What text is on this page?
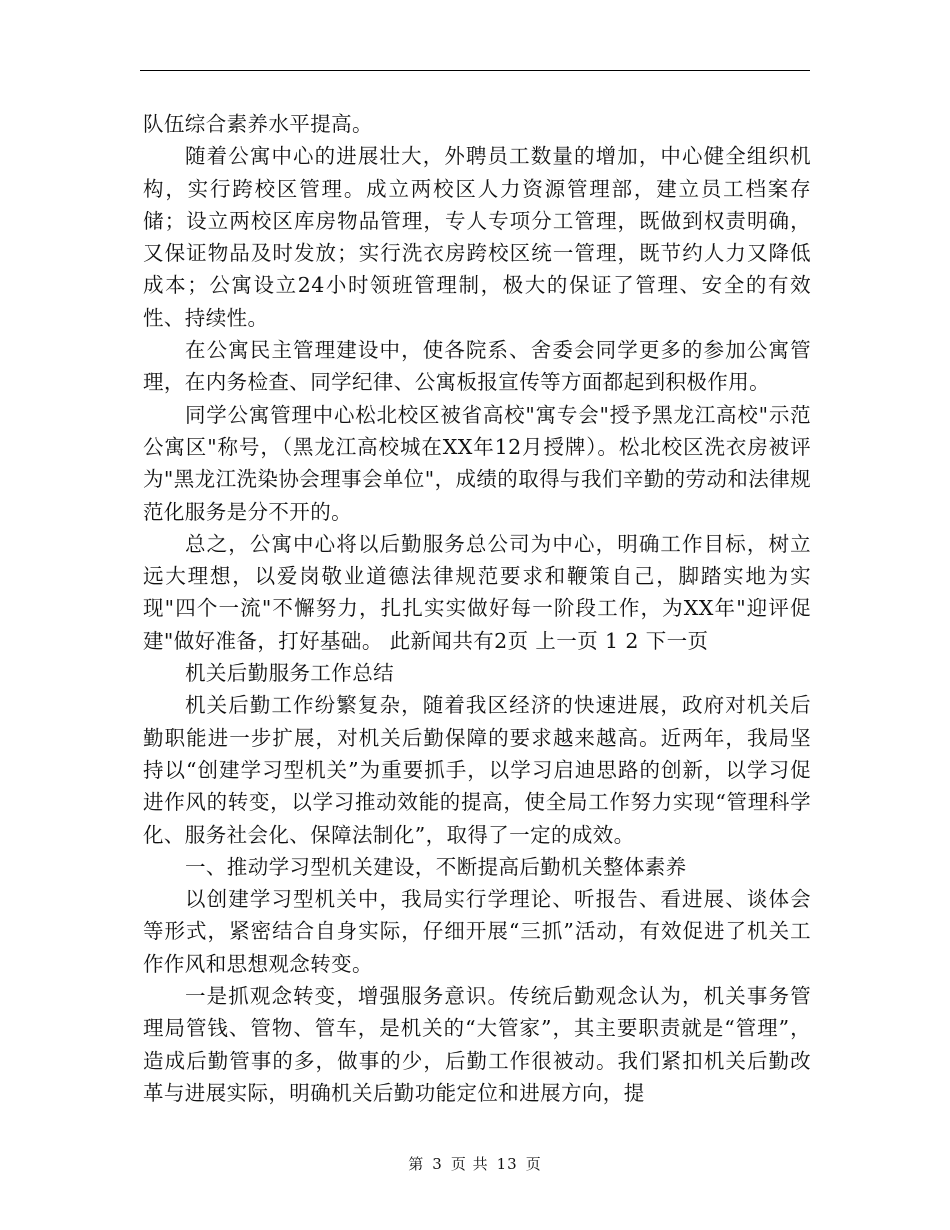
队伍综合素养水平提高。

随着公寓中心的进展壮大，外聘员工数量的增加，中心健全组织机构，实行跨校区管理。成立两校区人力资源管理部，建立员工档案存储；设立两校区库房物品管理，专人专项分工管理，既做到权责明确，又保证物品及时发放；实行洗衣房跨校区统一管理，既节约人力又降低成本；公寓设立24小时领班管理制，极大的保证了管理、安全的有效性、持续性。

在公寓民主管理建设中，使各院系、舍委会同学更多的参加公寓管理，在内务检查、同学纪律、公寓板报宣传等方面都起到积极作用。

同学公寓管理中心松北校区被省高校"寓专会"授予黑龙江高校"示范公寓区"称号，（黑龙江高校城在XX年12月授牌）。松北校区洗衣房被评为"黑龙江洗染协会理事会单位"，成绩的取得与我们辛勤的劳动和法律规范化服务是分不开的。

总之，公寓中心将以后勤服务总公司为中心，明确工作目标，树立远大理想，以爱岗敬业道德法律规范要求和鞭策自己，脚踏实地为实现"四个一流"不懈努力，扎扎实实做好每一阶段工作，为XX年"迎评促建"做好准备，打好基础。 此新闻共有2页 上一页 1 2 下一页

机关后勤服务工作总结

机关后勤工作纷繁复杂，随着我区经济的快速进展，政府对机关后勤职能进一步扩展，对机关后勤保障的要求越来越高。近两年，我局坚持以“创建学习型机关”为重要抓手，以学习启迪思路的创新，以学习促进作风的转变，以学习推动效能的提高，使全局工作努力实现“管理科学化、服务社会化、保障法制化”，取得了一定的成效。

一、推动学习型机关建设，不断提高后勤机关整体素养

以创建学习型机关中，我局实行学理论、听报告、看进展、谈体会等形式，紧密结合自身实际，仔细开展“三抓”活动，有效促进了机关工作作风和思想观念转变。

一是抓观念转变，增强服务意识。传统后勤观念认为，机关事务管理局管钱、管物、管车，是机关的“大管家”，其主要职责就是“管理”，造成后勤管事的多，做事的少，后勤工作很被动。我们紧扣机关后勤改革与进展实际，明确机关后勤功能定位和进展方向，提

第 3 页 共 13 页
